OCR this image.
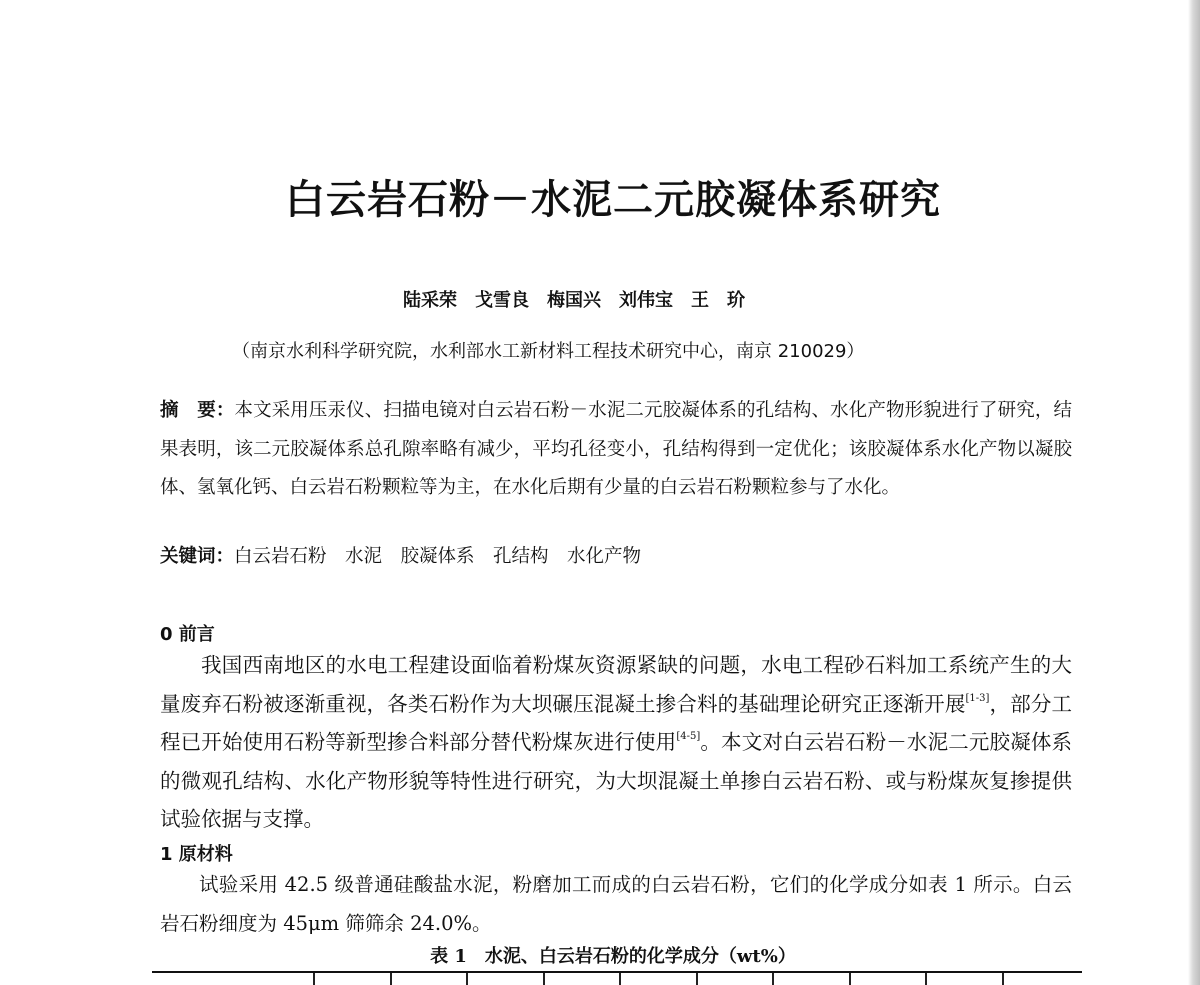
白云岩石粉－水泥二元胶凝体系研究
陆采荣　戈雪良　梅国兴　刘伟宝　王　玠
（南京水利科学研究院，水利部水工新材料工程技术研究中心，南京 210029）
摘　要：本文采用压汞仪、扫描电镜对白云岩石粉－水泥二元胶凝体系的孔结构、水化产物形貌进行了研究，结果表明，该二元胶凝体系总孔隙率略有减少，平均孔径变小，孔结构得到一定优化；该胶凝体系水化产物以凝胶体、氢氧化钙、白云岩石粉颗粒等为主，在水化后期有少量的白云岩石粉颗粒参与了水化。
关键词：白云岩石粉　水泥　胶凝体系　孔结构　水化产物
0 前言
我国西南地区的水电工程建设面临着粉煤灰资源紧缺的问题，水电工程砂石料加工系统产生的大量废弃石粉被逐渐重视，各类石粉作为大坝碾压混凝土掺合料的基础理论研究正逐渐开展[1-3]，部分工程已开始使用石粉等新型掺合料部分替代粉煤灰进行使用[4-5]。本文对白云岩石粉－水泥二元胶凝体系的微观孔结构、水化产物形貌等特性进行研究，为大坝混凝土单掺白云岩石粉、或与粉煤灰复掺提供试验依据与支撑。
1 原材料
试验采用 42.5 级普通硅酸盐水泥，粉磨加工而成的白云岩石粉，它们的化学成分如表 1 所示。白云岩石粉细度为 45μm 筛筛余 24.0%。
表 1　水泥、白云岩石粉的化学成分（wt%）
